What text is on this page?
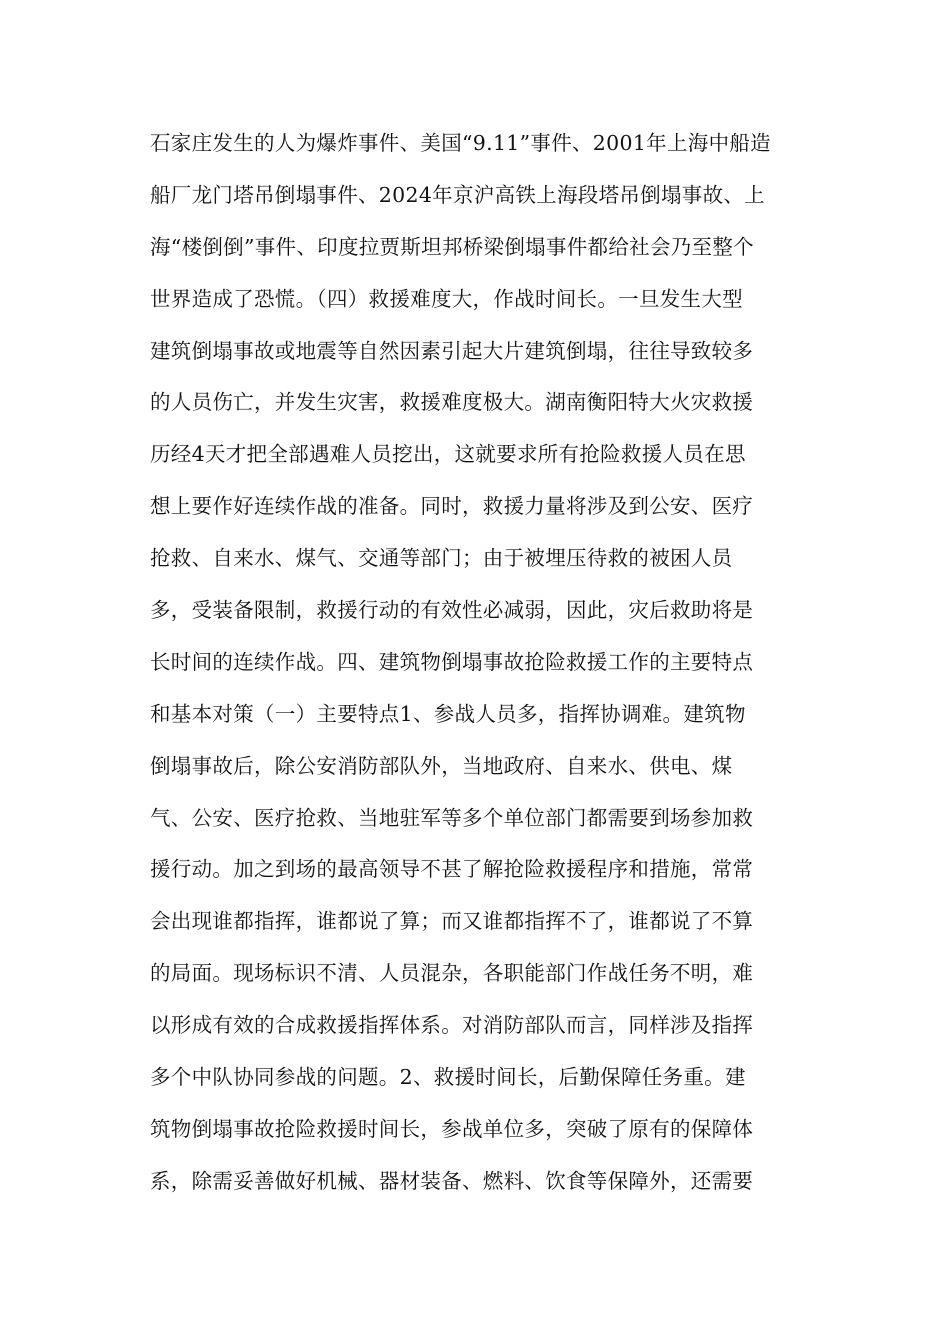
石家庄发生的人为爆炸事件、美国“9.11”事件、2001年上海中船造
船厂龙门塔吊倒塌事件、2024年京沪高铁上海段塔吊倒塌事故、上
海“楼倒倒”事件、印度拉贾斯坦邦桥梁倒塌事件都给社会乃至整个
世界造成了恐慌。（四）救援难度大，作战时间长。一旦发生大型
建筑倒塌事故或地震等自然因素引起大片建筑倒塌，往往导致较多
的人员伤亡，并发生灾害，救援难度极大。湖南衡阳特大火灾救援
历经4天才把全部遇难人员挖出，这就要求所有抢险救援人员在思
想上要作好连续作战的准备。同时，救援力量将涉及到公安、医疗
抢救、自来水、煤气、交通等部门；由于被埋压待救的被困人员
多，受装备限制，救援行动的有效性必减弱，因此，灾后救助将是
长时间的连续作战。四、建筑物倒塌事故抢险救援工作的主要特点
和基本对策（一）主要特点1、参战人员多，指挥协调难。建筑物
倒塌事故后，除公安消防部队外，当地政府、自来水、供电、煤
气、公安、医疗抢救、当地驻军等多个单位部门都需要到场参加救
援行动。加之到场的最高领导不甚了解抢险救援程序和措施，常常
会出现谁都指挥，谁都说了算；而又谁都指挥不了，谁都说了不算
的局面。现场标识不清、人员混杂，各职能部门作战任务不明，难
以形成有效的合成救援指挥体系。对消防部队而言，同样涉及指挥
多个中队协同参战的问题。2、救援时间长，后勤保障任务重。建
筑物倒塌事故抢险救援时间长，参战单位多，突破了原有的保障体
系，除需妥善做好机械、器材装备、燃料、饮食等保障外，还需要
